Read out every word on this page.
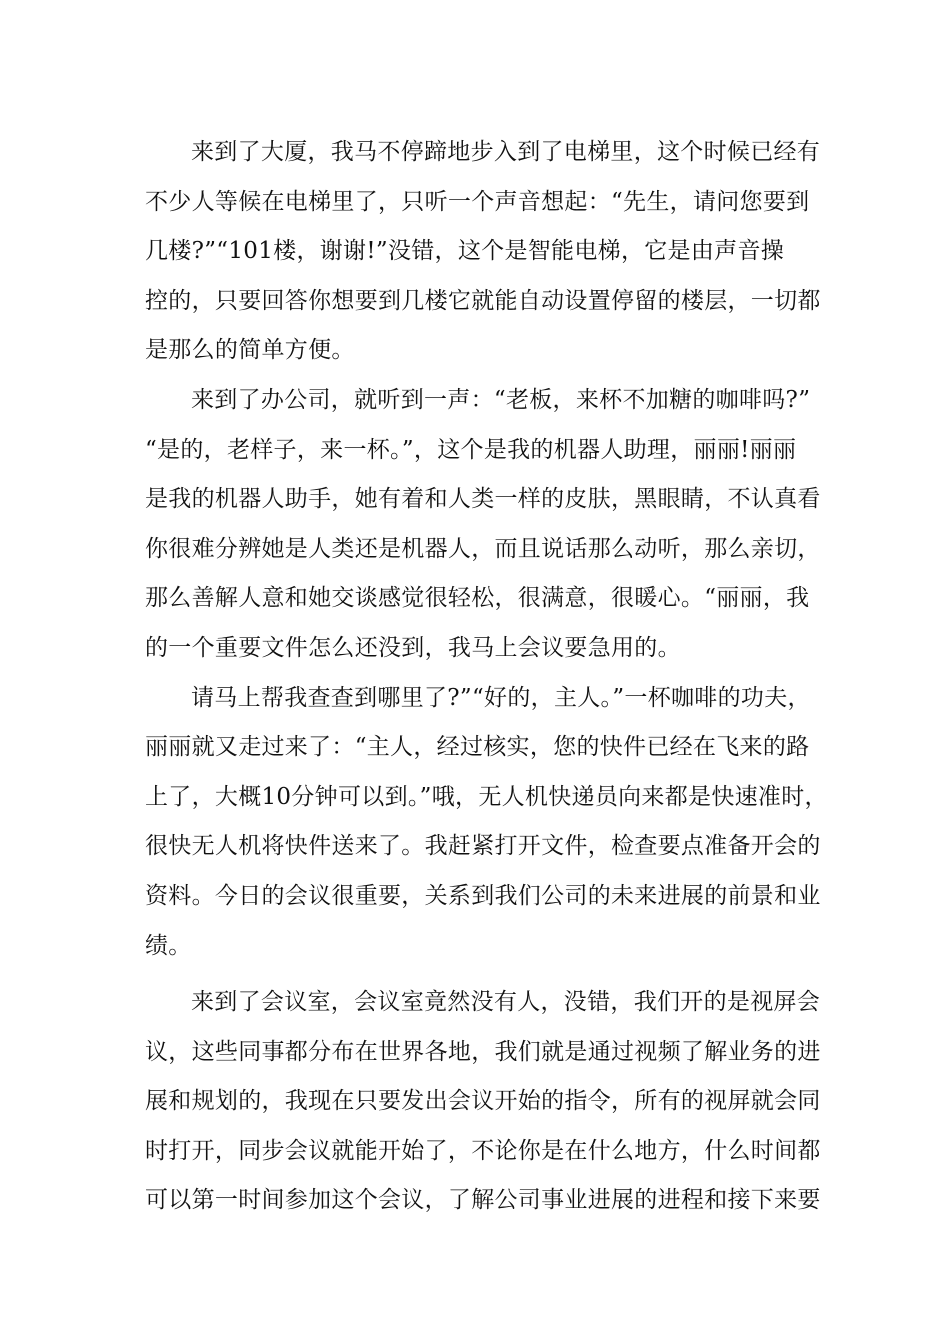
来到了大厦，我马不停蹄地步入到了电梯里，这个时候已经有
不少人等候在电梯里了，只听一个声音想起：“先生，请问您要到
几楼?”“101楼，谢谢!”没错，这个是智能电梯，它是由声音操
控的，只要回答你想要到几楼它就能自动设置停留的楼层，一切都
是那么的简单方便。
来到了办公司，就听到一声：“老板，来杯不加糖的咖啡吗?”
“是的，老样子，来一杯。”，这个是我的机器人助理，丽丽!丽丽
是我的机器人助手，她有着和人类一样的皮肤，黑眼睛，不认真看
你很难分辨她是人类还是机器人，而且说话那么动听，那么亲切，
那么善解人意和她交谈感觉很轻松，很满意，很暖心。“丽丽，我
的一个重要文件怎么还没到，我马上会议要急用的。
请马上帮我查查到哪里了?”“好的，主人。”一杯咖啡的功夫，
丽丽就又走过来了：“主人，经过核实，您的快件已经在飞来的路
上了，大概10分钟可以到。”哦，无人机快递员向来都是快速准时，
很快无人机将快件送来了。我赶紧打开文件，检查要点准备开会的
资料。今日的会议很重要，关系到我们公司的未来进展的前景和业
绩。
来到了会议室，会议室竟然没有人，没错，我们开的是视屏会
议，这些同事都分布在世界各地，我们就是通过视频了解业务的进
展和规划的，我现在只要发出会议开始的指令，所有的视屏就会同
时打开，同步会议就能开始了，不论你是在什么地方，什么时间都
可以第一时间参加这个会议，了解公司事业进展的进程和接下来要
